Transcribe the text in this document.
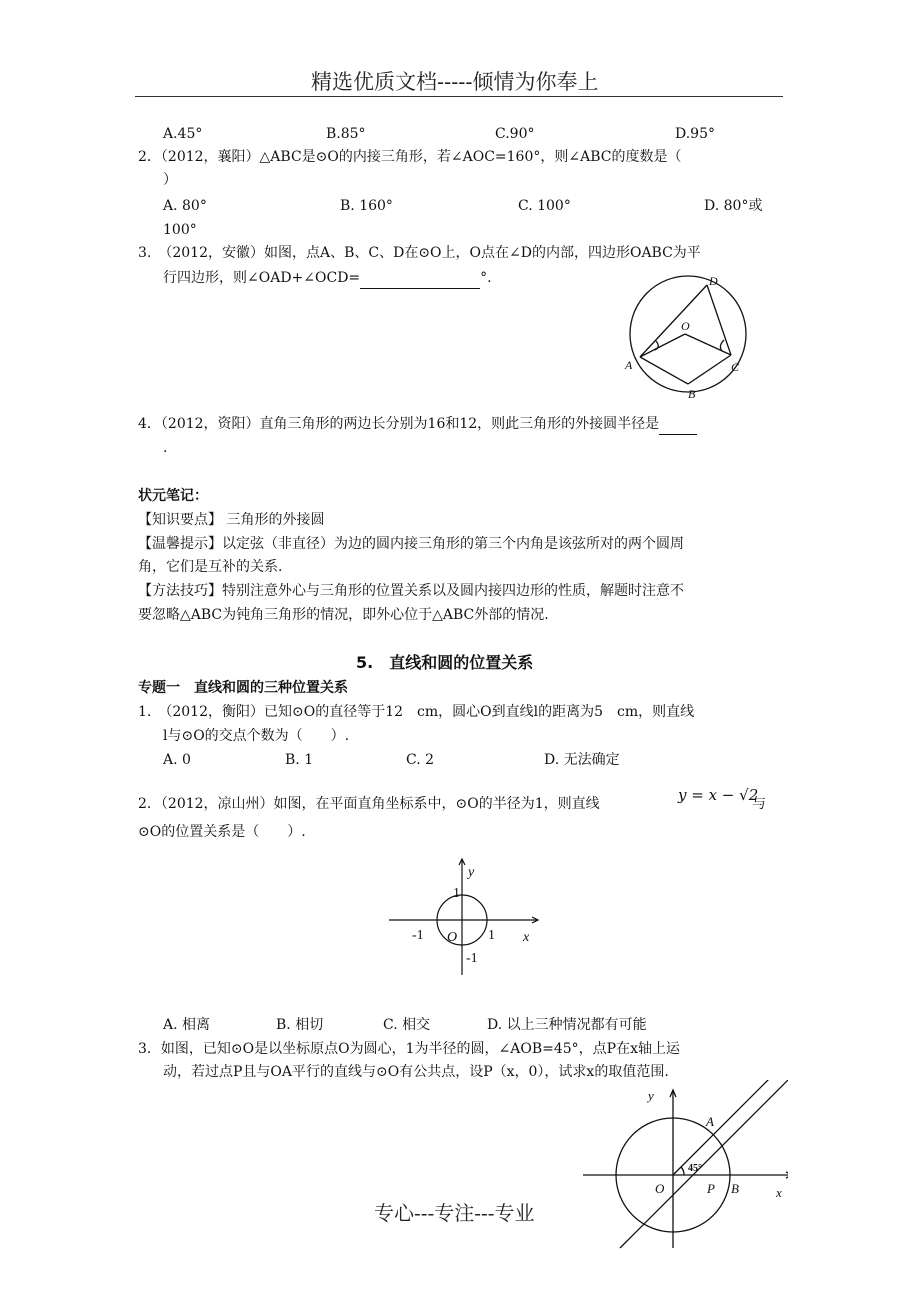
精选优质文档-----倾情为你奉上
A.45°	B.85°	C.90°	D.95°
2．（2012，襄阳）△ABC是⊙O的内接三角形，若∠AOC=160°，则∠ABC的度数是（
）
A. 80°	B. 160°	C. 100°	D. 80°或
100°
3.　（2012，安徽）如图，点A、B、C、D在⊙O上，O点在∠D的内部，四边形OABC为平
行四边形，则∠OAD+∠OCD=	°.	D
O
A	C
B
4．（2012，资阳）直角三角形的两边长分别为16和12，则此三角形的外接圆半径是
.
状元笔记：
【知识要点】 三角形的外接圆
【温馨提示】以定弦（非直径）为边的圆内接三角形的第三个内角是该弦所对的两个圆周
角，它们是互补的关系.
【方法技巧】特别注意外心与三角形的位置关系以及圆内接四边形的性质，解题时注意不
要忽略△ABC为钝角三角形的情况，即外心位于△ABC外部的情况.
5.　直线和圆的位置关系
专题一　直线和圆的三种位置关系
1.　（2012，衡阳）已知⊙O的直径等于12　cm，圆心O到直线l的距离为5　cm，则直线
l与⊙O的交点个数为（　　）.
A. 0	B. 1	C. 2	D. 无法确定
2．（2012，凉山州）如图，在平面直角坐标系中，⊙O的半径为1，则直线	y = x − √2
与
⊙O的位置关系是（　　）.
y
1
-1 O 1 x
-1
A. 相离	B. 相切	C. 相交	D. 以上三种情况都有可能
3．如图，已知⊙O是以坐标原点O为圆心，1为半径的圆，∠AOB=45°，点P在x轴上运
动，若过点P且与OA平行的直线与⊙O有公共点，设P（x，0），试求x的取值范围.
y
A
45°
O	P B	x
专心---专注---专业
